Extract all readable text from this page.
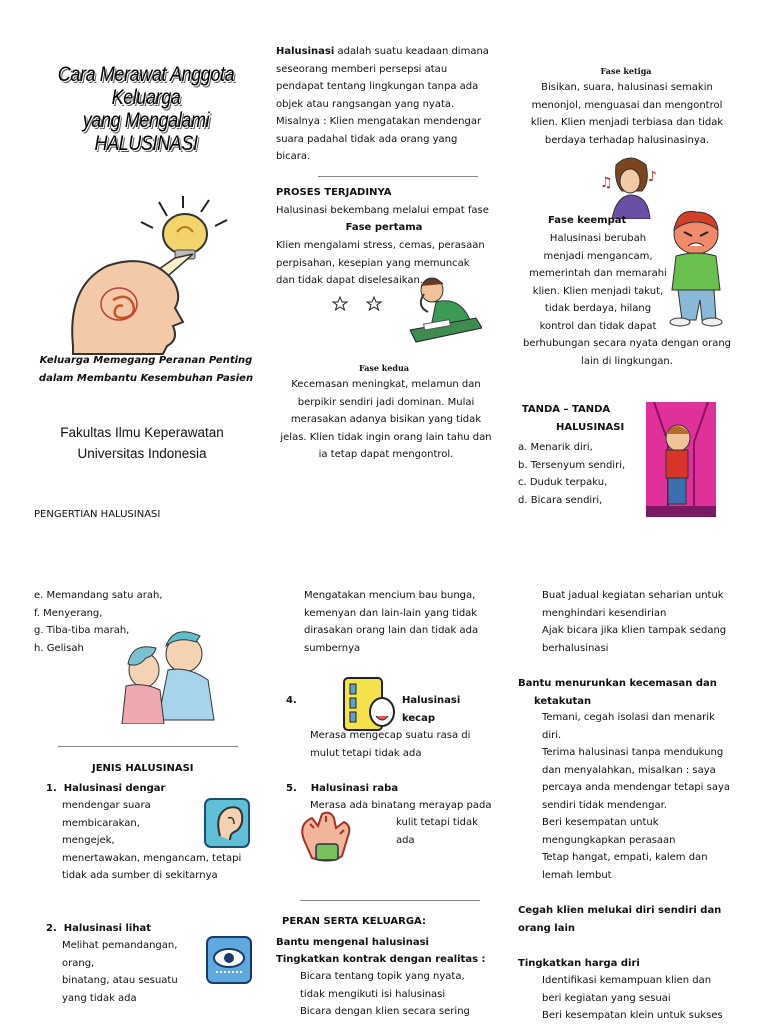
Cara Merawat Anggota Keluarga
yang Mengalami
HALUSINASI
Keluarga Memegang Peranan Penting
dalam Membantu Kesembuhan Pasien
Fakultas Ilmu Keperawatan
Universitas Indonesia
PENGERTIAN HALUSINASI

Halusinasi adalah suatu keadaan dimana

seseorang memberi persepsi atau

pendapat tentang lingkungan tanpa ada

objek atau rangsangan yang nyata.

Misalnya : Klien mengatakan mendengar

suara padahal tidak ada orang yang

bicara.

PROSES TERJADINYA
Halusinasi bekembang melalui empat fase
Fase pertama

Klien mengalami stress, cemas, perasaan

perpisahan, kesepian yang memuncak

dan tidak dapat diselesaikan.

Fase kedua

Kecemasan meningkat, melamun dan

berpikir sendiri jadi dominan. Mulai

merasakan adanya bisikan yang tidak

jelas. Klien tidak ingin orang lain tahu dan

ia tetap dapat mengontrol.

Fase ketiga

Bisikan, suara, halusinasi semakin

menonjol, menguasai dan mengontrol

klien. Klien menjadi terbiasa dan tidak

berdaya terhadap halusinasinya.

♫	♪
Fase keempat

Halusinasi berubah

menjadi mengancam,

memerintah dan memarahi

klien. Klien menjadi takut,

tidak berdaya, hilang

kontrol dan tidak dapat

berhubungan secara nyata dengan orang

lain di lingkungan.

TANDA – TANDA
HALUSINASI

a. Menarik diri,

b. Tersenyum sendiri,

c. Duduk terpaku,

d. Bicara sendiri,

e. Memandang satu arah,

f. Menyerang,

g. Tiba-tiba marah,

h. Gelisah

JENIS HALUSINASI
1. Halusinasi dengar

mendengar suara

membicarakan,

mengejek,

menertawakan, mengancam, tetapi

tidak ada sumber di sekitarnya

2. Halusinasi lihat

Melihat pemandangan,

orang,

binatang, atau sesuatu

yang tidak ada

Mengatakan mencium bau bunga,

kemenyan dan lain-lain yang tidak

dirasakan orang lain dan tidak ada

sumbernya

4.	Halusinasi
kecap

Merasa mengecap suatu rasa di

mulut tetapi tidak ada

5. Halusinasi raba
Merasa ada binatang merayap pada

kulit tetapi tidak

ada

PERAN SERTA KELUARGA:
Bantu mengenal halusinasi
Tingkatkan kontrak dengan realitas :

Bicara tentang topik yang nyata,

tidak mengikuti isi halusinasi

Bicara dengan klien secara sering

Buat jadual kegiatan seharian untuk

menghindari kesendirian

Ajak bicara jika klien tampak sedang

berhalusinasi

Bantu menurunkan kecemasan dan
ketakutan

Temani, cegah isolasi dan menarik

diri.

Terima halusinasi tanpa mendukung

dan menyalahkan, misalkan : saya

percaya anda mendengar tetapi saya

sendiri tidak mendengar.

Beri kesempatan untuk

mengungkapkan perasaan

Tetap hangat, empati, kalem dan

lemah lembut

Cegah klien melukai diri sendiri dan
orang lain
Tingkatkan harga diri

Identifikasi kemampuan klien dan

beri kegiatan yang sesuai

Beri kesempatan klein untuk sukses
